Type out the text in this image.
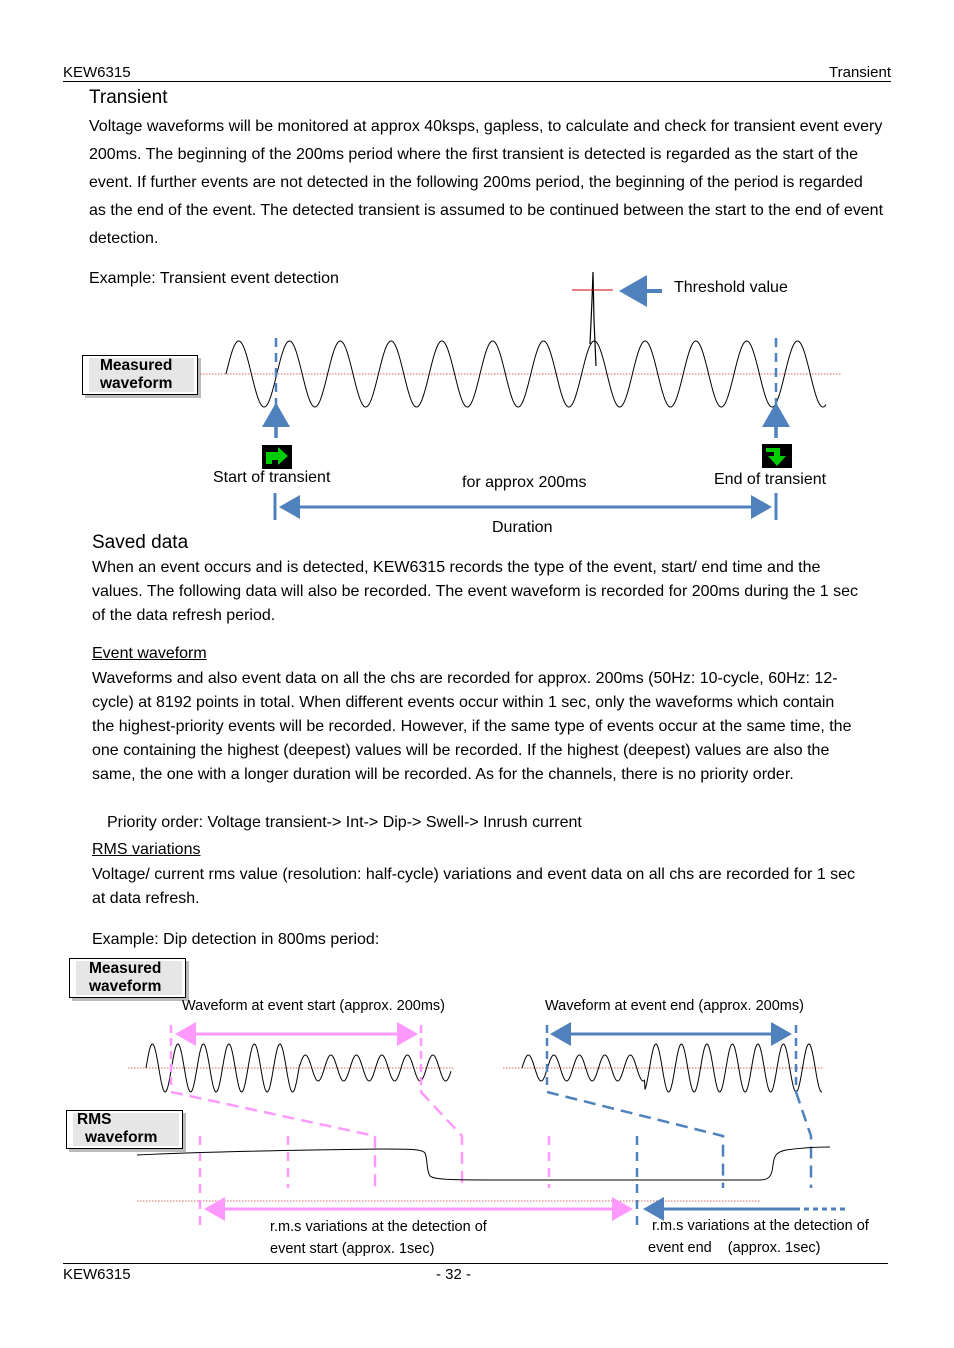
KEW6315	Transient
Transient

Voltage waveforms will be monitored at approx 40ksps, gapless, to calculate and check for transient event every 200ms. The beginning of the 200ms period where the first transient is detected is regarded as the start of the event. If further events are not detected in the following 200ms period, the beginning of the period is regarded as the end of the event. The detected transient is assumed to be continued between the start to the end of event detection.

Example: Transient event detection
Threshold value
Measured
waveform
Start of transient	for approx 200ms	End of transient
Duration
Saved data

When an event occurs and is detected, KEW6315 records the type of the event, start/ end time and the values. The following data will also be recorded. The event waveform is recorded for 200ms during the 1 sec of the data refresh period.

Event waveform

Waveforms and also event data on all the chs are recorded for approx. 200ms (50Hz: 10-cycle, 60Hz: 12-cycle) at 8192 points in total. When different events occur within 1 sec, only the waveforms which contain the highest-priority events will be recorded. However, if the same type of events occur at the same time, the one containing the highest (deepest) values will be recorded. If the highest (deepest) values are also the same, the one with a longer duration will be recorded. As for the channels, there is no priority order.

Priority order: Voltage transient-> Int-> Dip-> Swell-> Inrush current
RMS variations

Voltage/ current rms value (resolution: half-cycle) variations and event data on all chs are recorded for 1 sec at data refresh.

Example: Dip detection in 800ms period:
Measured
waveform
Waveform at event start (approx. 200ms)	Waveform at event end (approx. 200ms)
RMS
waveform
r.m.s variations at the detection of
event start (approx. 1sec)
r.m.s variations at the detection of
event end    (approx. 1sec)
KEW6315	- 32 -
